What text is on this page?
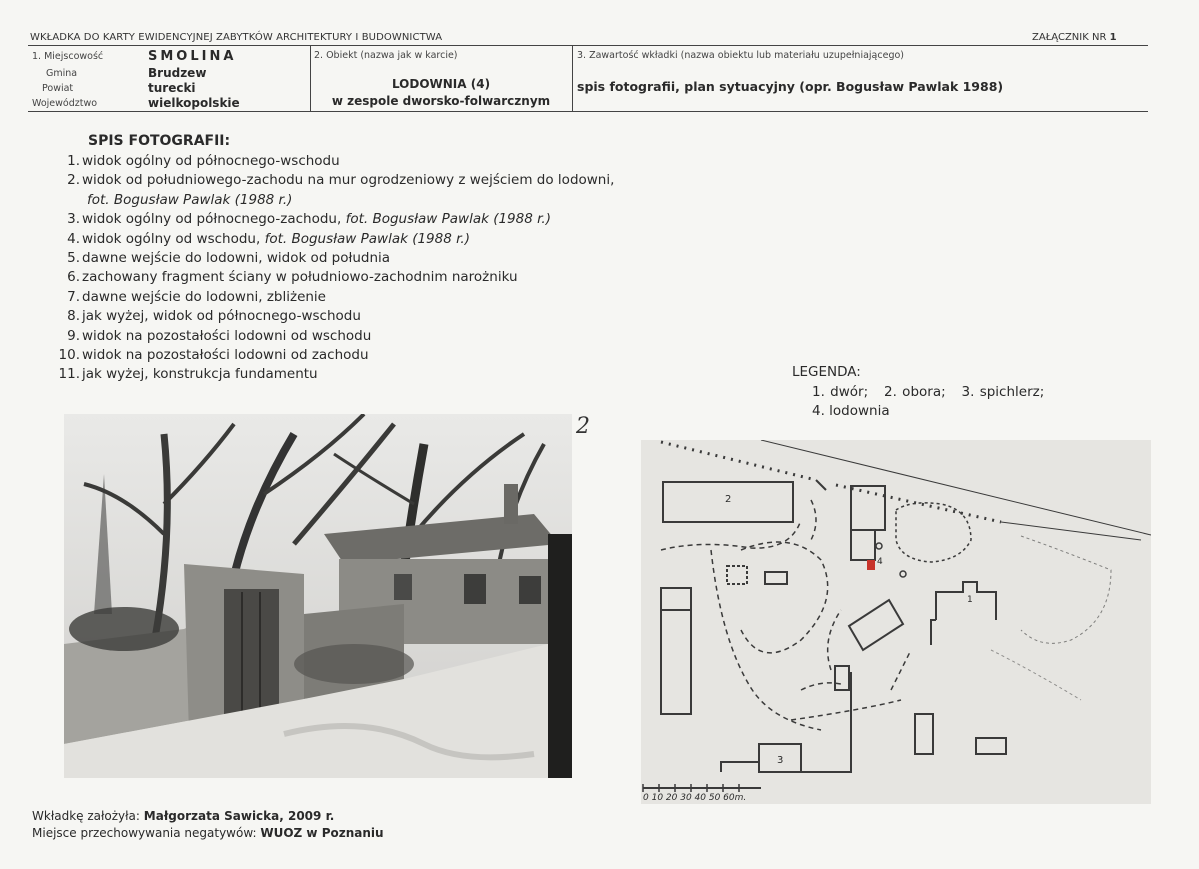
WKŁADKA DO KARTY EWIDENCYJNEJ ZABYTKÓW ARCHITEKTURY I BUDOWNICTWA	ZAŁĄCZNIK NR 1
1. Miejscowość	SMOLINA
Gmina	Brudzew
Powiat	turecki
Województwo	wielkopolskie
2. Obiekt (nazwa jak w karcie)
LODOWNIA (4)
w zespole dworsko-folwarcznym
3. Zawartość wkładki (nazwa obiektu lub materiału uzupełniającego)
spis fotografii, plan sytuacyjny (opr. Bogusław Pawlak 1988)
SPIS FOTOGRAFII:
1. widok ogólny od północnego-wschodu
2. widok od południowego-zachodu na mur ogrodzeniowy z wejściem do lodowni,
fot. Bogusław Pawlak (1988 r.)
3. widok ogólny od północnego-zachodu, fot. Bogusław Pawlak (1988 r.)
4. widok ogólny od wschodu, fot. Bogusław Pawlak (1988 r.)
5. dawne wejście do lodowni, widok od południa
6. zachowany fragment ściany w południowo-zachodnim narożniku
7. dawne wejście do lodowni, zbliżenie
8. jak wyżej, widok od północnego-wschodu
9. widok na pozostałości lodowni od wschodu
10. widok na pozostałości lodowni od zachodu
11. jak wyżej, konstrukcja fundamentu	LEGENDA:
1. dwór;   2. obora;   3. spichlerz;
4. lodownia
2
2
3
4
1
0 10 20 30 40 50 60m.
Wkładkę założyła: Małgorzata Sawicka, 2009 r.
Miejsce przechowywania negatywów: WUOZ w Poznaniu
